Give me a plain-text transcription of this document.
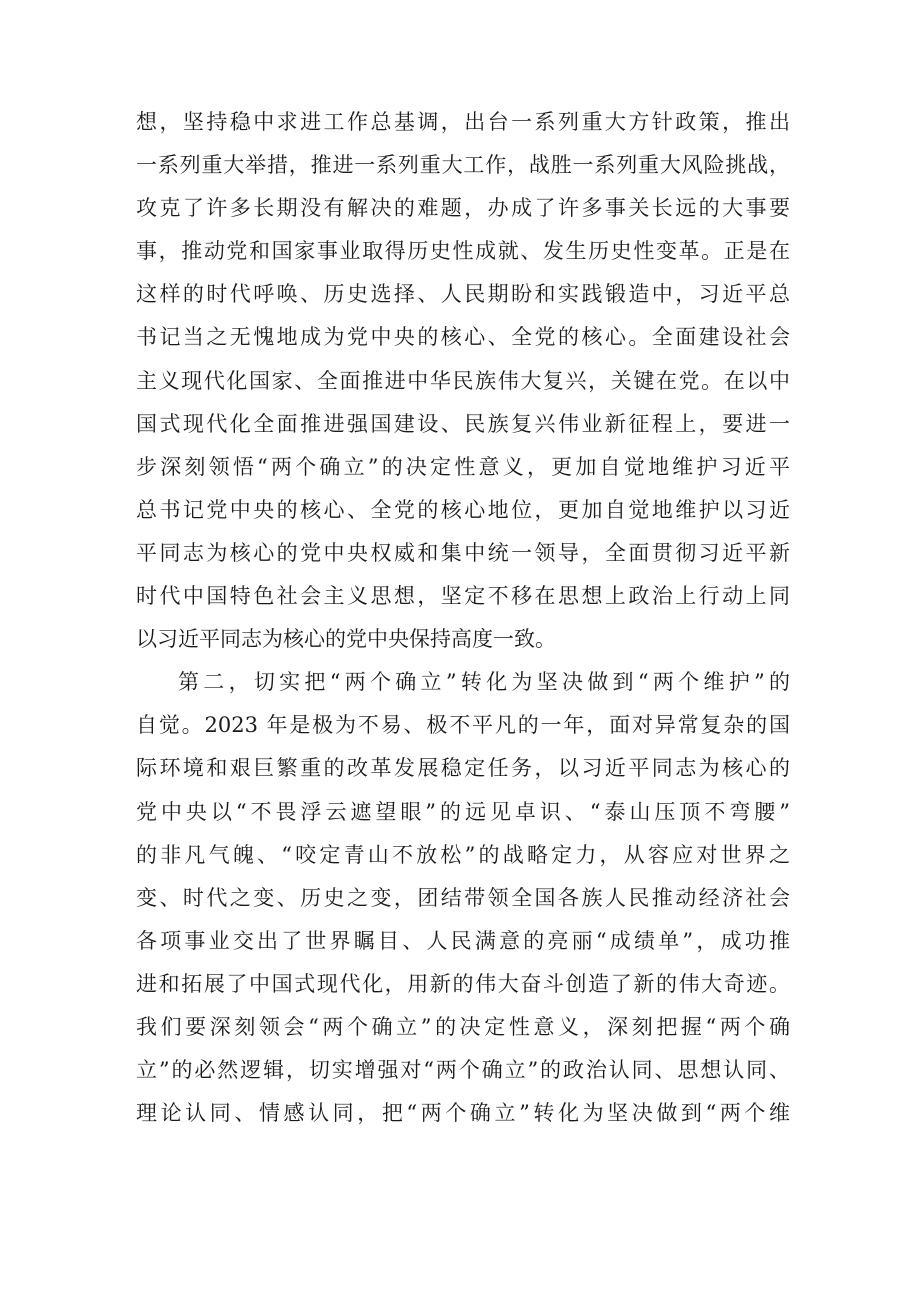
想，坚持稳中求进工作总基调，出台一系列重大方针政策，推出
一系列重大举措，推进一系列重大工作，战胜一系列重大风险挑战，
攻克了许多长期没有解决的难题，办成了许多事关长远的大事要
事，推动党和国家事业取得历史性成就、发生历史性变革。正是在
这样的时代呼唤、历史选择、人民期盼和实践锻造中，习近平总
书记当之无愧地成为党中央的核心、全党的核心。全面建设社会
主义现代化国家、全面推进中华民族伟大复兴，关键在党。在以中
国式现代化全面推进强国建设、民族复兴伟业新征程上，要进一
步深刻领悟“两个确立”的决定性意义，更加自觉地维护习近平
总书记党中央的核心、全党的核心地位，更加自觉地维护以习近
平同志为核心的党中央权威和集中统一领导，全面贯彻习近平新
时代中国特色社会主义思想，坚定不移在思想上政治上行动上同
以习近平同志为核心的党中央保持高度一致。
第二，切实把“两个确立”转化为坚决做到“两个维护”的
自觉。2023 年是极为不易、极不平凡的一年，面对异常复杂的国
际环境和艰巨繁重的改革发展稳定任务，以习近平同志为核心的
党中央以“不畏浮云遮望眼”的远见卓识、“泰山压顶不弯腰”
的非凡气魄、“咬定青山不放松”的战略定力，从容应对世界之
变、时代之变、历史之变，团结带领全国各族人民推动经济社会
各项事业交出了世界瞩目、人民满意的亮丽“成绩单”，成功推
进和拓展了中国式现代化，用新的伟大奋斗创造了新的伟大奇迹。
我们要深刻领会“两个确立”的决定性意义，深刻把握“两个确
立”的必然逻辑，切实增强对“两个确立”的政治认同、思想认同、
理论认同、情感认同，把“两个确立”转化为坚决做到“两个维
